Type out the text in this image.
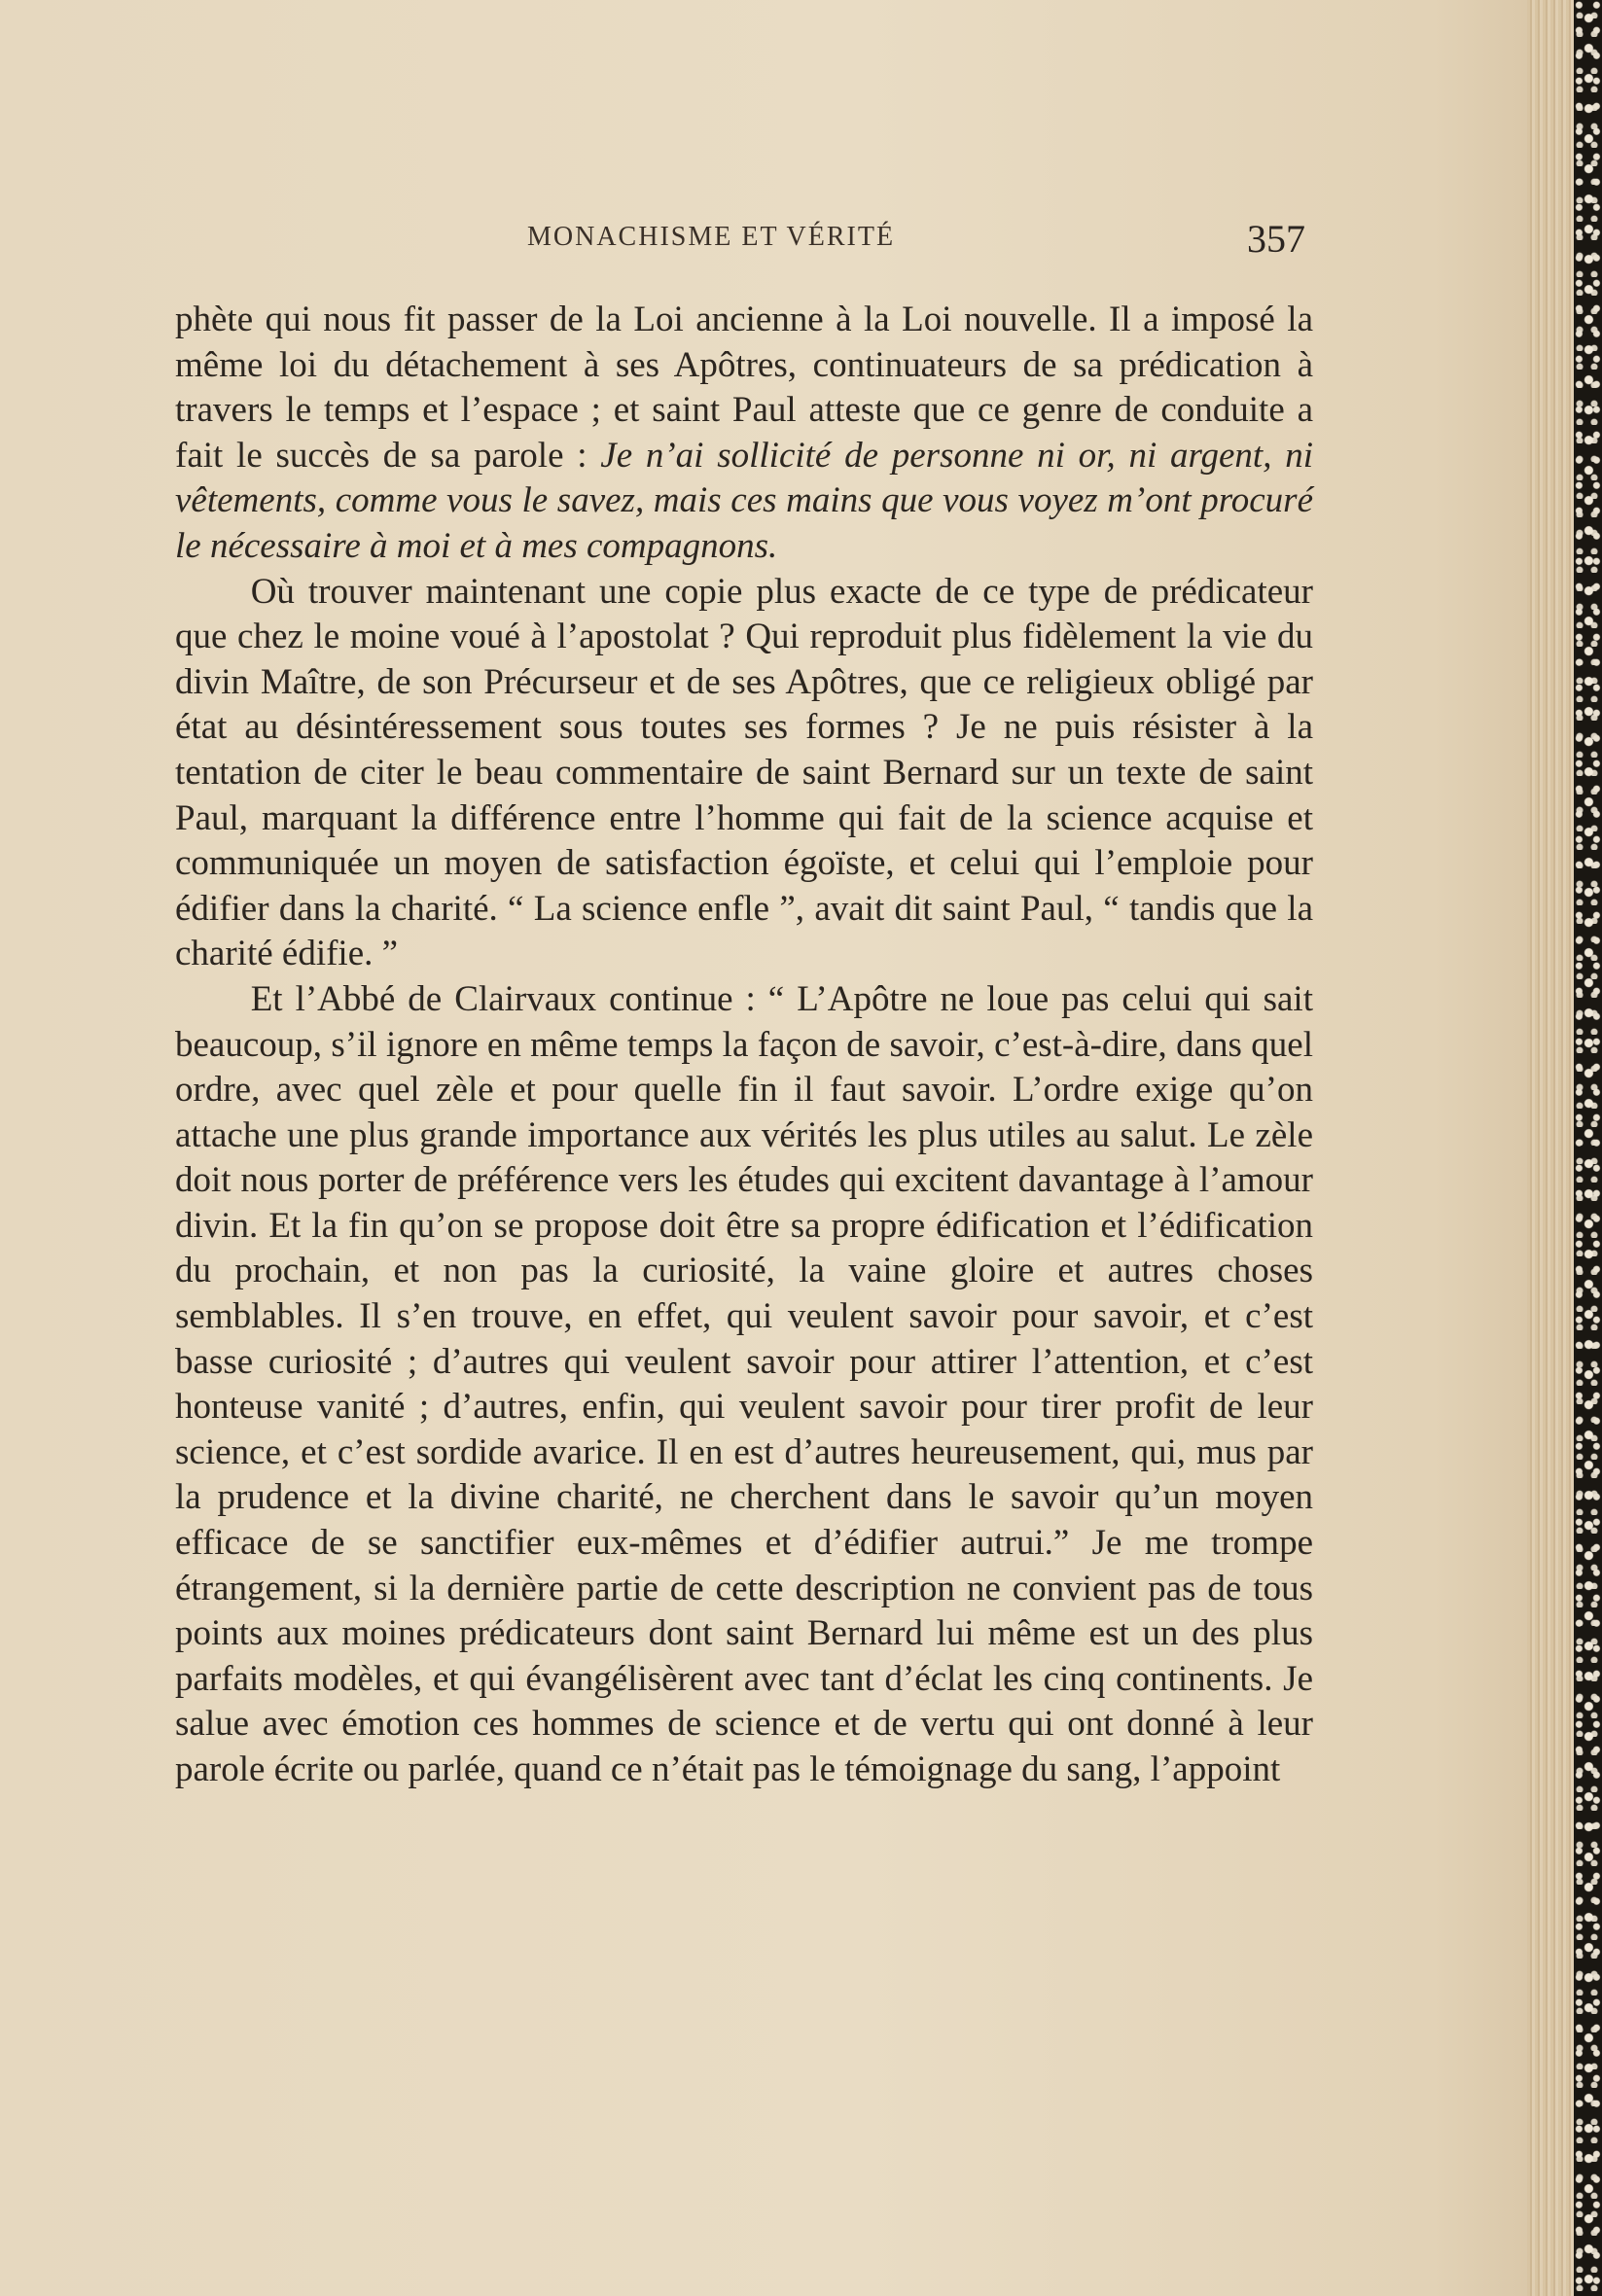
MONACHISME ET VÉRITÉ	357

phète qui nous fit passer de la Loi ancienne à la Loi nouvelle. Il a imposé la même loi du détachement à ses Apôtres, continuateurs de sa prédication à travers le temps et l’espace ; et saint Paul atteste que ce genre de conduite a fait le succès de sa parole : Je n’ai sollicité de personne ni or, ni argent, ni vêtements, comme vous le savez, mais ces mains que vous voyez m’ont procuré le nécessaire à moi et à mes compagnons.

Où trouver maintenant une copie plus exacte de ce type de prédicateur que chez le moine voué à l’apostolat ? Qui reproduit plus fidèlement la vie du divin Maître, de son Précurseur et de ses Apôtres, que ce religieux obligé par état au désintéressement sous toutes ses formes ? Je ne puis résister à la tentation de citer le beau commentaire de saint Bernard sur un texte de saint Paul, marquant la différence entre l’homme qui fait de la science acquise et communiquée un moyen de satisfaction égoïste, et celui qui l’emploie pour édifier dans la charité. “ La science enfle ”, avait dit saint Paul, “ tandis que la charité édifie. ”

Et l’Abbé de Clairvaux continue : “ L’Apôtre ne loue pas celui qui sait beaucoup, s’il ignore en même temps la façon de savoir, c’est-à-dire, dans quel ordre, avec quel zèle et pour quelle fin il faut savoir. L’ordre exige qu’on attache une plus grande importance aux vérités les plus utiles au salut. Le zèle doit nous porter de préférence vers les études qui excitent davantage à l’amour divin. Et la fin qu’on se propose doit être sa propre édification et l’édification du prochain, et non pas la curiosité, la vaine gloire et autres choses semblables. Il s’en trouve, en effet, qui veulent savoir pour savoir, et c’est basse curiosité ; d’autres qui veulent savoir pour attirer l’attention, et c’est honteuse vanité ; d’autres, enfin, qui veulent savoir pour tirer profit de leur science, et c’est sordide avarice. Il en est d’autres heureusement, qui, mus par la prudence et la divine charité, ne cherchent dans le savoir qu’un moyen efficace de se sanctifier eux-mêmes et d’édifier autrui.” Je me trompe étrangement, si la dernière partie de cette description ne convient pas de tous points aux moines prédicateurs dont saint Bernard lui même est un des plus parfaits modèles, et qui évangélisèrent avec tant d’éclat les cinq continents. Je salue avec émotion ces hommes de science et de vertu qui ont donné à leur parole écrite ou parlée, quand ce n’était pas le témoignage du sang, l’appoint
